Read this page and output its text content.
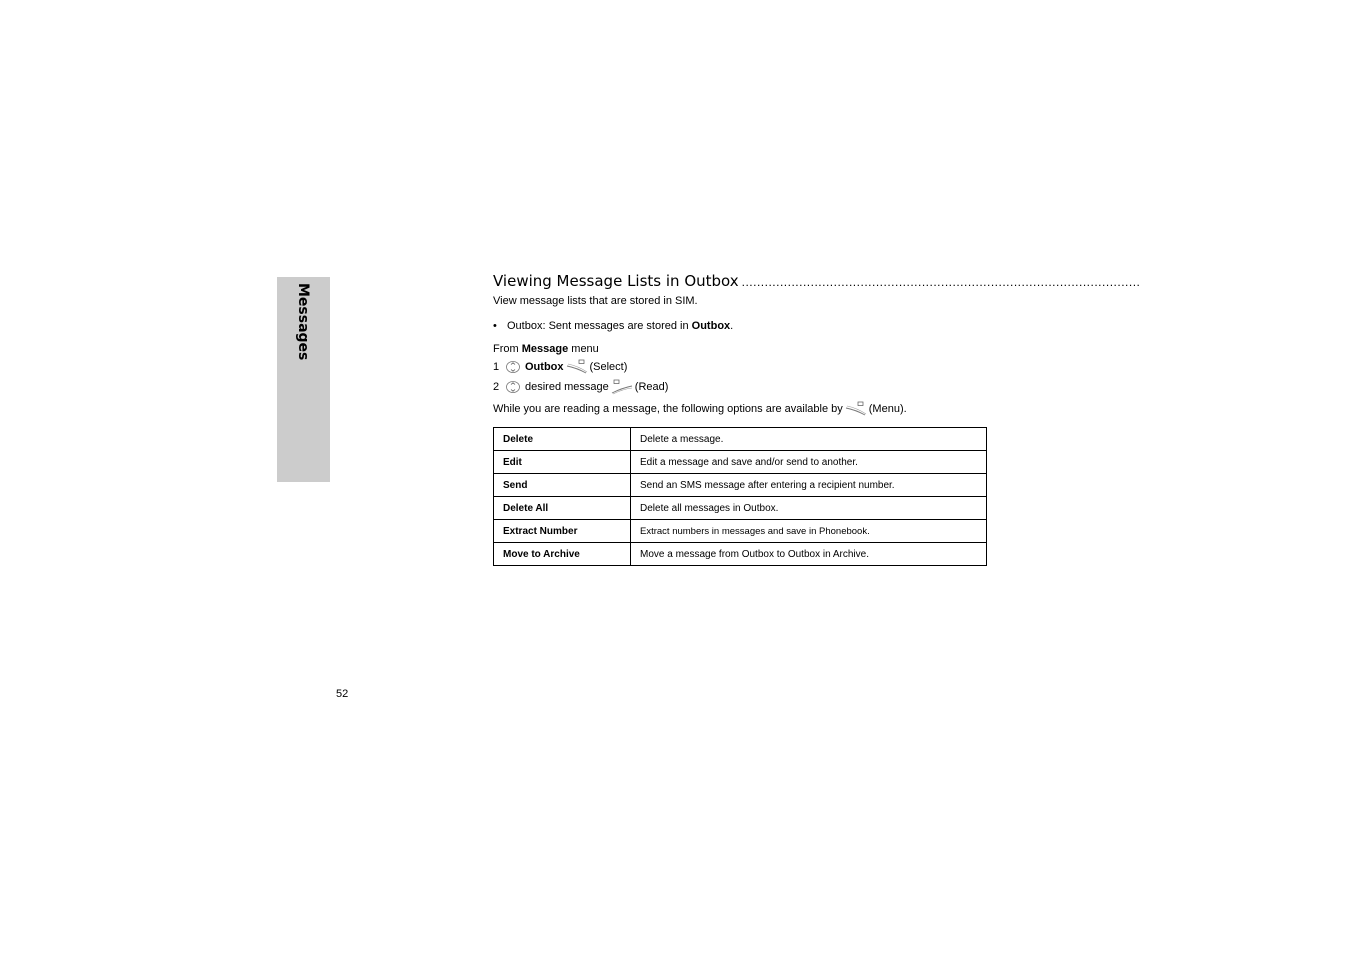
Messages
Viewing Message Lists in Outbox ........................................................................................................

View message lists that are stored in SIM.

• Outbox: Sent messages are stored in Outbox.

From Message menu

1	Outbox (Select)
2	desired message (Read)

While you are reading a message, the following options are available by (Menu).

Delete	Delete a message.
Edit	Edit a message and save and/or send to another.
Send	Send an SMS message after entering a recipient number.
Delete All	Delete all messages in Outbox.
Extract Number	Extract numbers in messages and save in Phonebook.
Move to Archive	Move a message from Outbox to Outbox in Archive.
52
